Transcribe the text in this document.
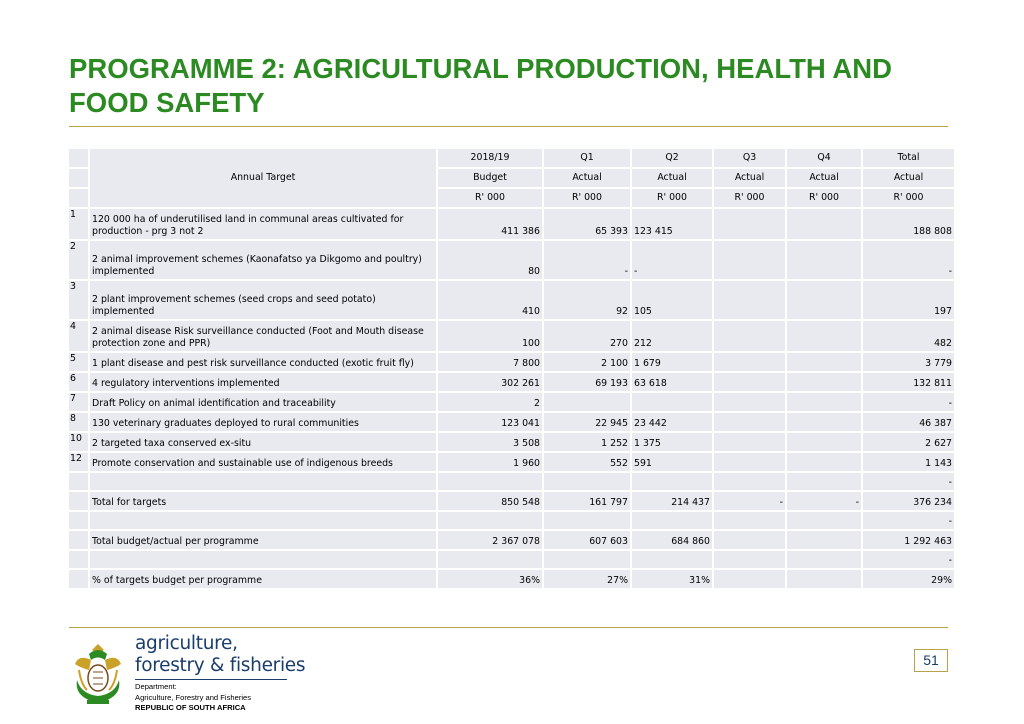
PROGRAMME 2: AGRICULTURAL PRODUCTION, HEALTH AND
FOOD SAFETY
	Annual Target	2018/19	Q1	Q2	Q3	Q4	Total
		Budget	Actual	Actual	Actual	Actual	Actual
		R' 000	R' 000	R' 000	R' 000	R' 000	R' 000
1	120 000 ha of underutilised land in communal areas cultivated for production - prg 3 not 2	411 386	65 393	123 415			188 808
2	2 animal improvement schemes (Kaonafatso ya Dikgomo and poultry) implemented	80	-	-			-
3	2 plant improvement schemes (seed crops and seed potato) implemented	410	92	105			197
4	2 animal disease Risk surveillance conducted (Foot and Mouth disease protection zone and PPR)	100	270	212			482
5	1 plant disease and pest risk surveillance conducted (exotic fruit fly)	7 800	2 100	1 679			3 779
6	4 regulatory interventions implemented	302 261	69 193	63 618			132 811
7	Draft Policy on animal identification and traceability	2					-
8	130 veterinary graduates deployed to rural communities	123 041	22 945	23 442			46 387
10	2 targeted taxa conserved ex-situ	3 508	1 252	1 375			2 627
12	Promote conservation and sustainable use of indigenous breeds	1 960	552	591			1 143
							-
	Total for targets	850 548	161 797	214 437	-	-	376 234
							-
	Total budget/actual per programme	2 367 078	607 603	684 860			1 292 463
							-
	% of targets budget per programme	36%	27%	31%			29%
agriculture,
forestry & fisheries
Department:
Agriculture, Forestry and Fisheries
REPUBLIC OF SOUTH AFRICA
51
